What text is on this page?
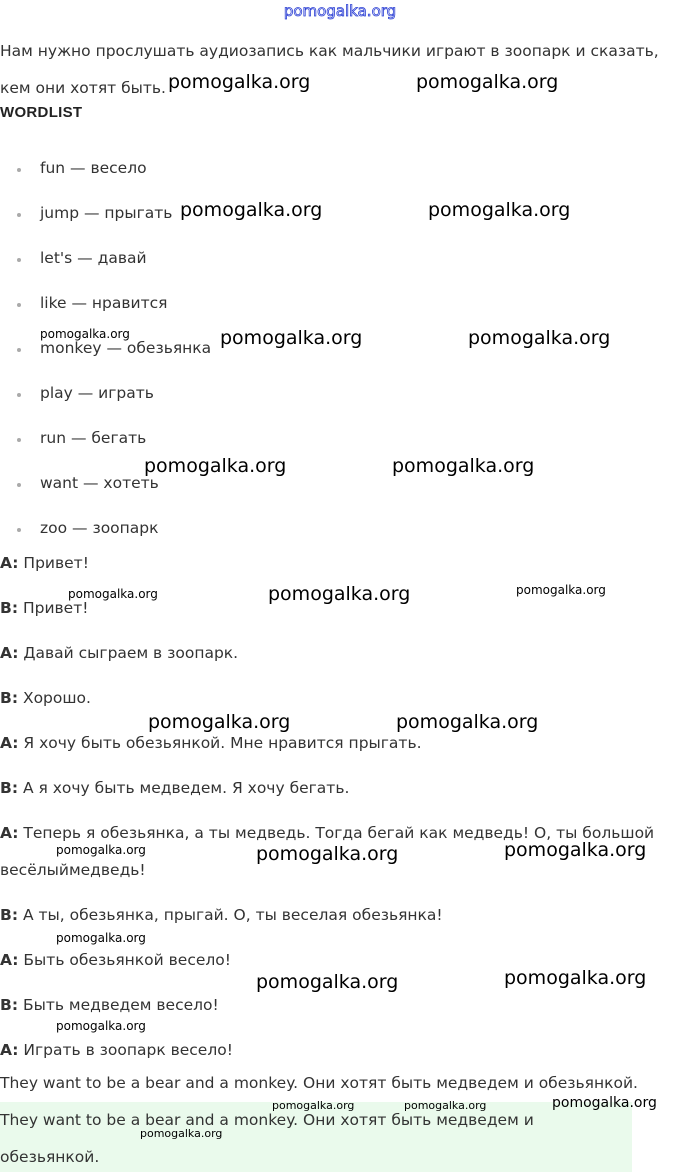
pomogalka.org
Нам нужно прослушать аудиозапись как мальчики играют в зоопарк и сказать, кем они хотят быть.
WORDLIST
fun — весело
jump — прыгать
let's — давай
like — нравится
monkey — обезьянка
play — играть
run — бегать
want — хотеть
zoo — зоопарк
A: Привет!
B: Привет!
A: Давай сыграем в зоопарк.
B: Хорошо.
A: Я хочу быть обезьянкой. Мне нравится прыгать.
B: А я хочу быть медведем. Я хочу бегать.
A: Теперь я обезьянка, а ты медведь. Тогда бегай как медведь! О, ты большой весёлыймедведь!
B: А ты, обезьянка, прыгай. О, ты веселая обезьянка!
A: Быть обезьянкой весело!
B: Быть медведем весело!
A: Играть в зоопарк весело!
They want to be a bear and a monkey. Они хотят быть медведем и обезьянкой.
They want to be a bear and a monkey. Они хотят быть медведем и обезьянкой.
pomogalka.org	pomogalka.org
pomogalka.org	pomogalka.org
pomogalka.org	pomogalka.org	pomogalka.org
pomogalka.org	pomogalka.org
pomogalka.org	pomogalka.org	pomogalka.org
pomogalka.org	pomogalka.org
pomogalka.org	pomogalka.org	pomogalka.org
pomogalka.org
pomogalka.org	pomogalka.org
pomogalka.org
pomogalka.org	pomogalka.org	pomogalka.org
pomogalka.org
